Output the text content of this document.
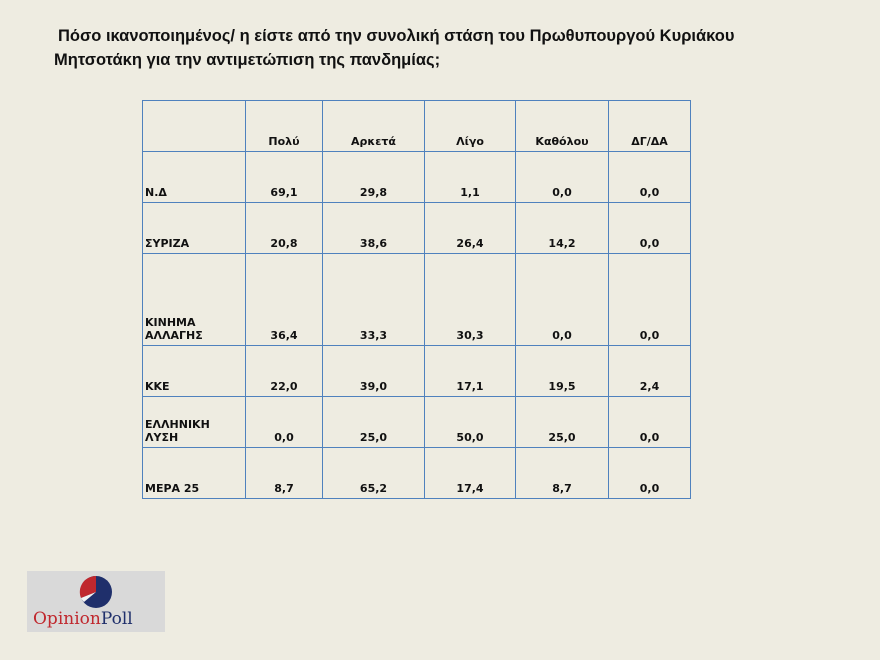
Πόσο ικανοποιημένος/ η είστε από την συνολική στάση του Πρωθυπουργού Κυριάκου
Μητσοτάκη για την αντιμετώπιση της πανδημίας;
	Πολύ	Αρκετά	Λίγο	Καθόλου	ΔΓ/ΔΑ
Ν.Δ	69,1	29,8	1,1	0,0	0,0
ΣΥΡΙΖΑ	20,8	38,6	26,4	14,2	0,0
ΚΙΝΗΜΑ
ΑΛΛΑΓΗΣ	36,4	33,3	30,3	0,0	0,0
ΚΚΕ	22,0	39,0	17,1	19,5	2,4
ΕΛΛΗΝΙΚΗ ΛΥΣΗ	0,0	25,0	50,0	25,0	0,0
ΜΕΡΑ 25	8,7	65,2	17,4	8,7	0,0
OpinionPoll
